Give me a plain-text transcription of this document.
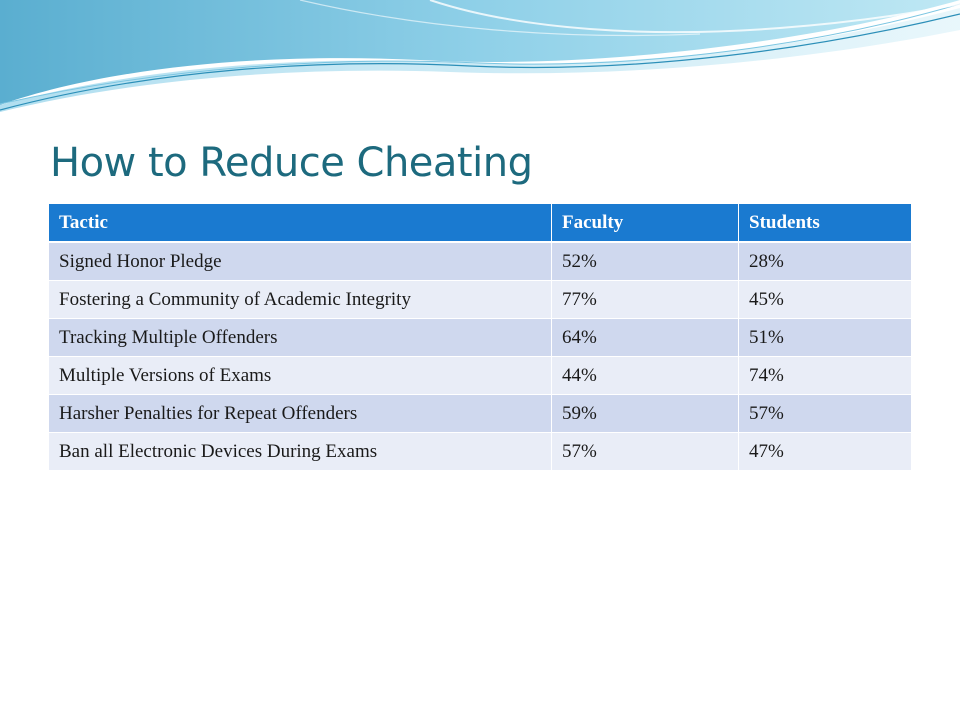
How to Reduce Cheating
Tactic	Faculty	Students
Signed Honor Pledge	52%	28%
Fostering a Community of Academic Integrity	77%	45%
Tracking Multiple Offenders	64%	51%
Multiple Versions of Exams	44%	74%
Harsher Penalties for Repeat Offenders	59%	57%
Ban all Electronic Devices During Exams	57%	47%
